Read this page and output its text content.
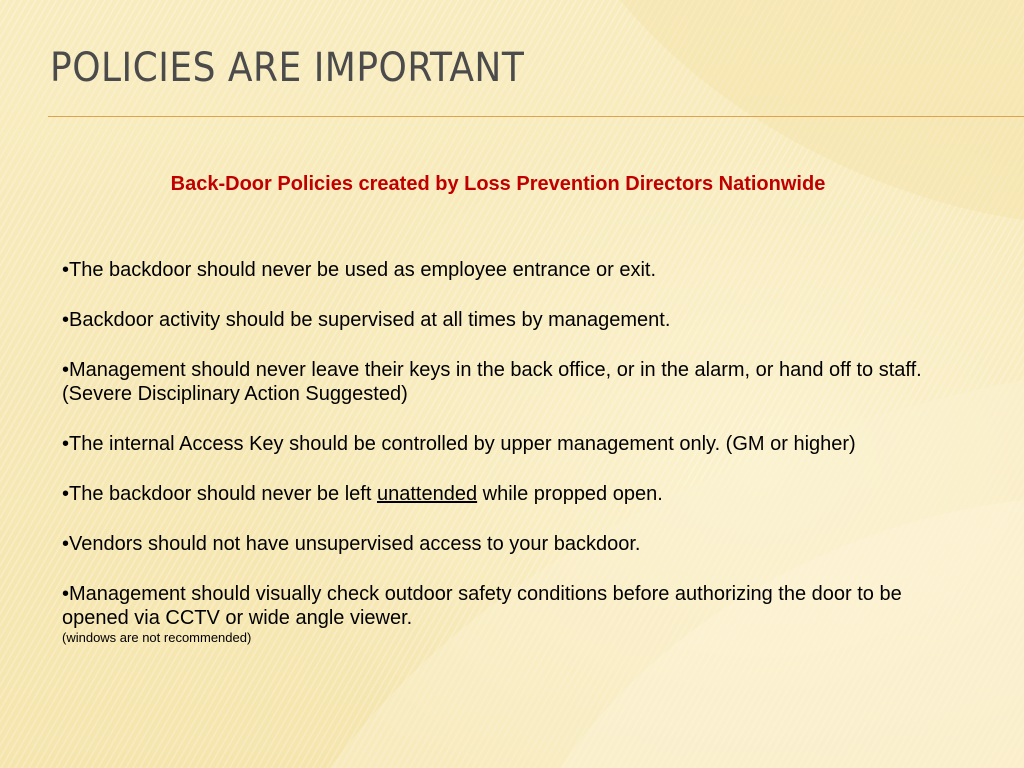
POLICIES ARE IMPORTANT
Back-Door Policies created by Loss Prevention Directors Nationwide

•The backdoor should never be used as employee entrance or exit.

•Backdoor activity should be supervised at all times by management.

•Management should never leave their keys in the back office, or in the alarm, or hand off to staff. (Severe Disciplinary Action Suggested)

•The internal Access Key should be controlled by upper management only. (GM or higher)

•The backdoor should never be left unattended while propped open.

•Vendors should not have unsupervised access to your backdoor.

•Management should visually check outdoor safety conditions before authorizing the door to be opened via CCTV or wide angle viewer.
(windows are not recommended)
